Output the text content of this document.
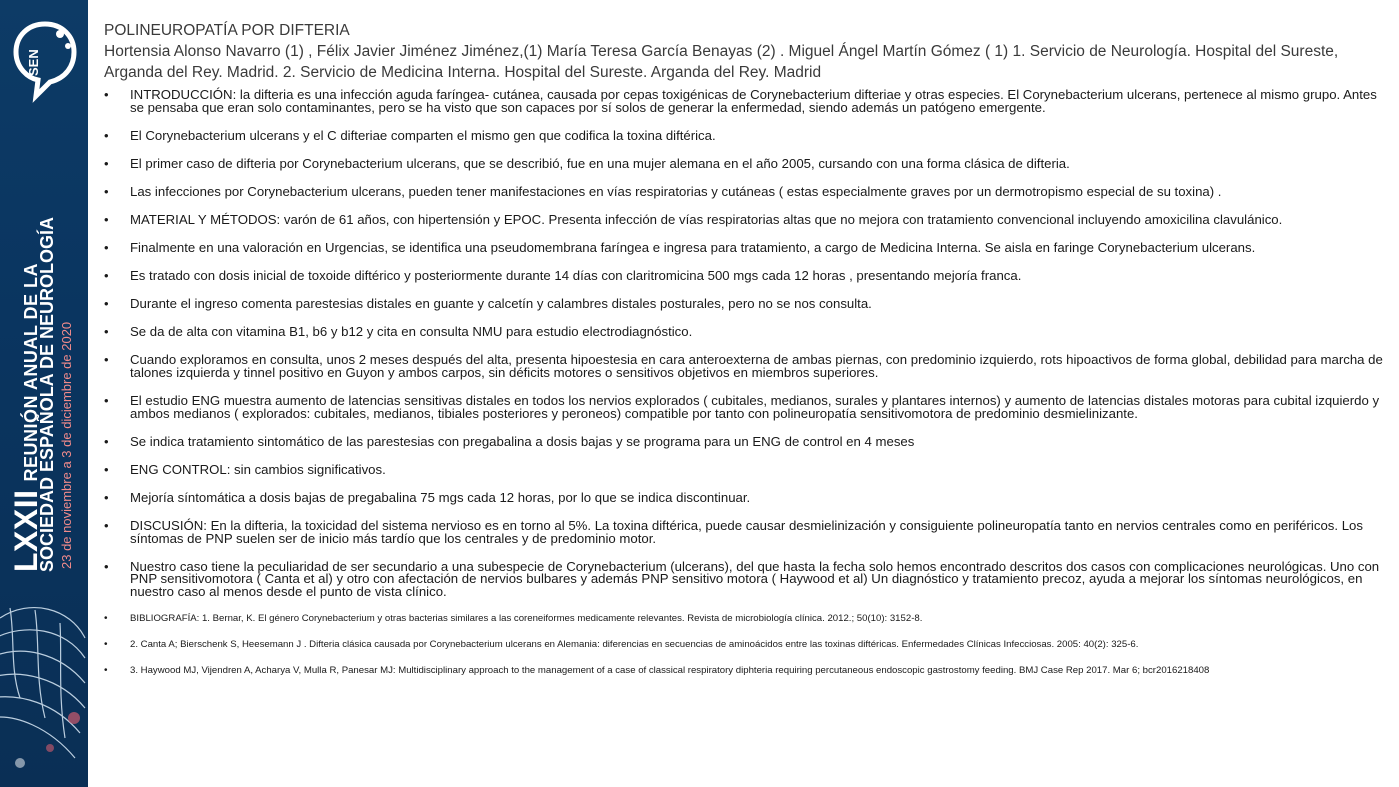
SEN
LXXII REUNIÓN ANUAL DE LA
SOCIEDAD ESPAÑOLA DE NEUROLOGÍA 23 de noviembre a 3 de diciembre de 2020

POLINEUROPATÍA POR DIFTERIA

Hortensia Alonso Navarro (1) , Félix Javier Jiménez Jiménez,(1) María Teresa García Benayas (2) . Miguel Ángel Martín Gómez ( 1) 1. Servicio de Neurología. Hospital del Sureste, Arganda del Rey. Madrid. 2. Servicio de Medicina Interna. Hospital del Sureste. Arganda del Rey. Madrid

• INTRODUCCIÓN: la difteria es una infección aguda faríngea- cutánea, causada por cepas toxigénicas de Corynebacterium difteriae y otras especies. El Corynebacterium ulcerans, pertenece al mismo grupo. Antes se pensaba que eran solo contaminantes, pero se ha visto que son capaces por sí solos de generar la enfermedad, siendo además un patógeno emergente.
• El Corynebacterium ulcerans y el C difteriae comparten el mismo gen que codifica la toxina diftérica.
• El primer caso de difteria por Corynebacterium ulcerans, que se describió, fue en una mujer alemana en el año 2005, cursando con una forma clásica de difteria.
• Las infecciones por Corynebacterium ulcerans, pueden tener manifestaciones en vías respiratorias y cutáneas ( estas especialmente graves por un dermotropismo especial de su toxina) .
• MATERIAL Y MÉTODOS: varón de 61 años, con hipertensión y EPOC. Presenta infección de vías respiratorias altas que no mejora con tratamiento convencional incluyendo amoxicilina clavulánico.
• Finalmente en una valoración en Urgencias, se identifica una pseudomembrana faríngea e ingresa para tratamiento, a cargo de Medicina Interna. Se aisla en faringe Corynebacterium ulcerans.
• Es tratado con dosis inicial de toxoide diftérico y posteriormente durante 14 días con claritromicina 500 mgs cada 12 horas , presentando mejoría franca.
• Durante el ingreso comenta parestesias distales en guante y calcetín y calambres distales posturales, pero no se nos consulta.
• Se da de alta con vitamina B1, b6 y b12 y cita en consulta NMU para estudio electrodiagnóstico.
• Cuando exploramos en consulta, unos 2 meses después del alta, presenta hipoestesia en cara anteroexterna de ambas piernas, con predominio izquierdo, rots hipoactivos de forma global, debilidad para marcha de talones izquierda y tinnel positivo en Guyon y ambos carpos, sin déficits motores o sensitivos objetivos en miembros superiores.
• El estudio ENG muestra aumento de latencias sensitivas distales en todos los nervios explorados ( cubitales, medianos, surales y plantares internos) y aumento de latencias distales motoras para cubital izquierdo y ambos medianos ( explorados: cubitales, medianos, tibiales posteriores y peroneos) compatible por tanto con polineuropatía sensitivomotora de predominio desmielinizante.
• Se indica tratamiento sintomático de las parestesias con pregabalina a dosis bajas y se programa para un ENG de control en 4 meses
• ENG CONTROL: sin cambios significativos.
• Mejoría síntomática a dosis bajas de pregabalina 75 mgs cada 12 horas, por lo que se indica discontinuar.
• DISCUSIÓN: En la difteria, la toxicidad del sistema nervioso es en torno al 5%. La toxina diftérica, puede causar desmielinización y consiguiente polineuropatía tanto en nervios centrales como en periféricos. Los síntomas de PNP suelen ser de inicio más tardío que los centrales y de predominio motor.
• Nuestro caso tiene la peculiaridad de ser secundario a una subespecie de Corynebacterium (ulcerans), del que hasta la fecha solo hemos encontrado descritos dos casos con complicaciones neurológicas. Uno con PNP sensitivomotora ( Canta et al) y otro con afectación de nervios bulbares y además PNP sensitivo motora ( Haywood et al) Un diagnóstico y tratamiento precoz, ayuda a mejorar los síntomas neurológicos, en nuestro caso al menos desde el punto de vista clínico.
• BIBLIOGRAFÍA: 1. Bernar, K. El género Corynebacterium y otras bacterias similares a las coreneiformes medicamente relevantes. Revista de microbiología clínica. 2012.; 50(10): 3152-8.
• 2. Canta A; Bierschenk S, Heesemann J . Difteria clásica causada por Corynebacterium ulcerans en Alemania: diferencias en secuencias de aminoácidos entre las toxinas diftéricas. Enfermedades Clínicas Infecciosas. 2005: 40(2): 325-6.
• 3. Haywood MJ, Vijendren A, Acharya V, Mulla R, Panesar MJ: Multidisciplinary approach to the management of a case of classical respiratory diphteria requiring percutaneous endoscopic gastrostomy feeding. BMJ Case Rep 2017. Mar 6; bcr2016218408
